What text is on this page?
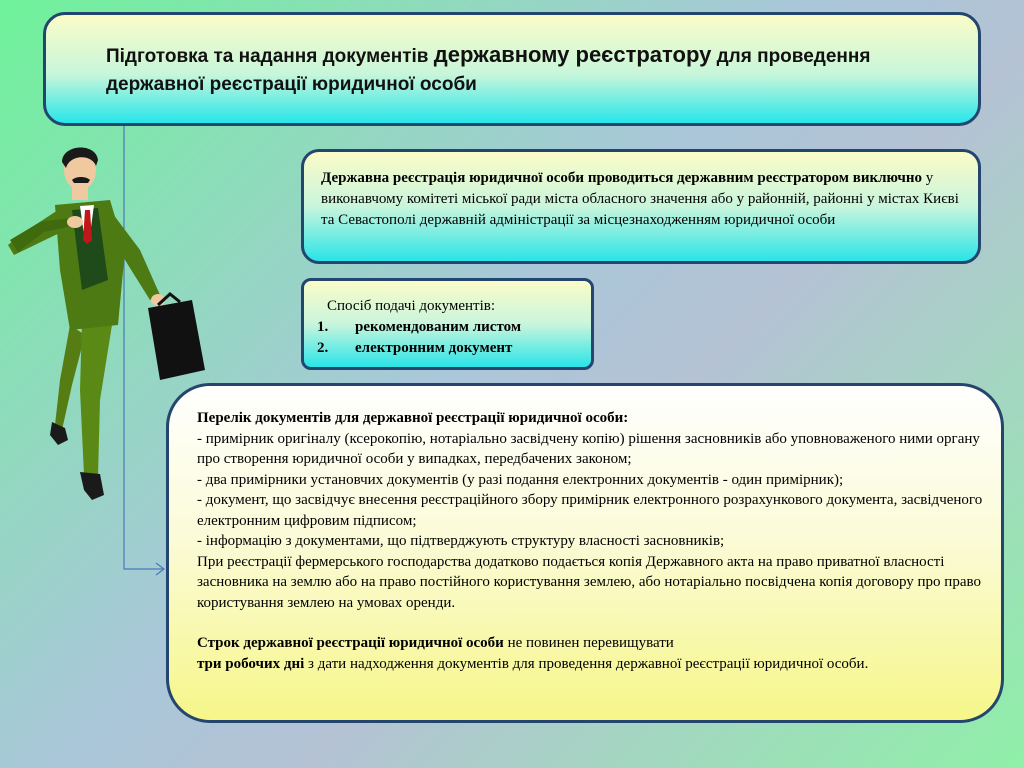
Підготовка та надання документів державному реєстратору для проведення державної реєстрації юридичної особи
Державна реєстрація юридичної особи проводиться державним реєстратором виключно у виконавчому комітеті міської ради міста обласного значення або у районній, районні у містах Києві та Севастополі державній адміністрації за місцезнаходженням юридичної особи
Спосіб подачі документів:
1.	рекомендованим листом
2.	електронним документ

Перелік документів для державної реєстрації юридичної особи:

- примірник оригіналу (ксерокопію, нотаріально засвідчену копію) рішення засновників або уповноваженого ними органу про створення юридичної особи у випадках, передбачених законом;

- два примірники установчих документів (у разі подання електронних документів - один примірник);

- документ, що засвідчує внесення реєстраційного збору примірник електронного розрахункового документа, засвідченого електронним цифровим підписом;

- інформацію з документами, що підтверджують структуру власності засновників;

При реєстрації фермерського господарства додатково подається копія Державного акта на право приватної власності засновника на землю або на право постійного користування землею, або нотаріально посвідчена копія договору про право користування землею на умовах оренди.

Строк державної реєстрації юридичної особи не повинен перевищувати

три робочих дні з дати надходження документів для проведення державної реєстрації юридичної особи.
